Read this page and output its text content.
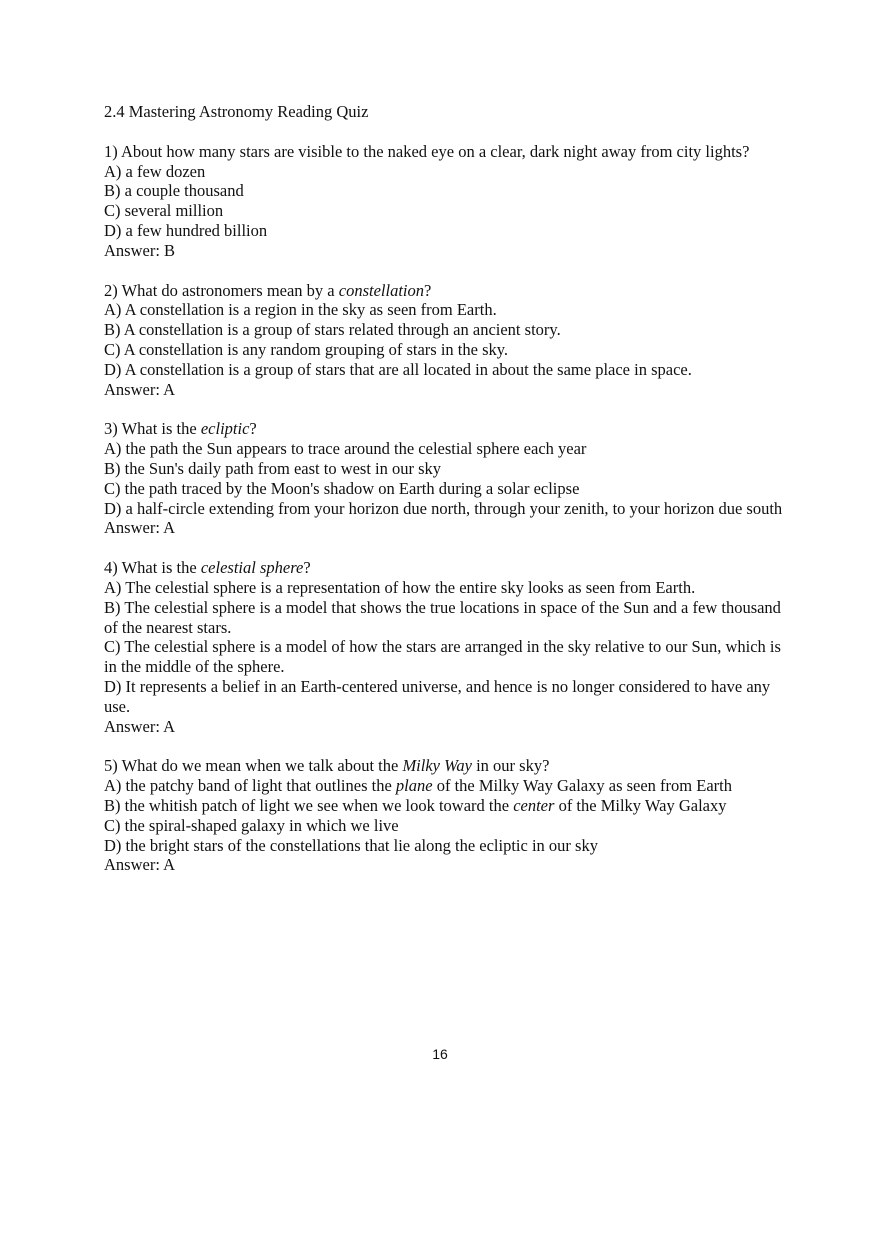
2.4 Mastering Astronomy Reading Quiz
1) About how many stars are visible to the naked eye on a clear, dark night away from city lights?
A) a few dozen
B) a couple thousand
C) several million
D) a few hundred billion
Answer: B
2) What do astronomers mean by a constellation?
A) A constellation is a region in the sky as seen from Earth.
B) A constellation is a group of stars related through an ancient story.
C) A constellation is any random grouping of stars in the sky.
D) A constellation is a group of stars that are all located in about the same place in space.
Answer: A
3) What is the ecliptic?
A) the path the Sun appears to trace around the celestial sphere each year
B) the Sun's daily path from east to west in our sky
C) the path traced by the Moon's shadow on Earth during a solar eclipse
D) a half-circle extending from your horizon due north, through your zenith, to your horizon due south
Answer: A
4) What is the celestial sphere?
A) The celestial sphere is a representation of how the entire sky looks as seen from Earth.
B) The celestial sphere is a model that shows the true locations in space of the Sun and a few thousand of the nearest stars.
C) The celestial sphere is a model of how the stars are arranged in the sky relative to our Sun, which is in the middle of the sphere.
D) It represents a belief in an Earth-centered universe, and hence is no longer considered to have any use.
Answer: A
5) What do we mean when we talk about the Milky Way in our sky?
A) the patchy band of light that outlines the plane of the Milky Way Galaxy as seen from Earth
B) the whitish patch of light we see when we look toward the center of the Milky Way Galaxy
C) the spiral-shaped galaxy in which we live
D) the bright stars of the constellations that lie along the ecliptic in our sky
Answer: A
16
